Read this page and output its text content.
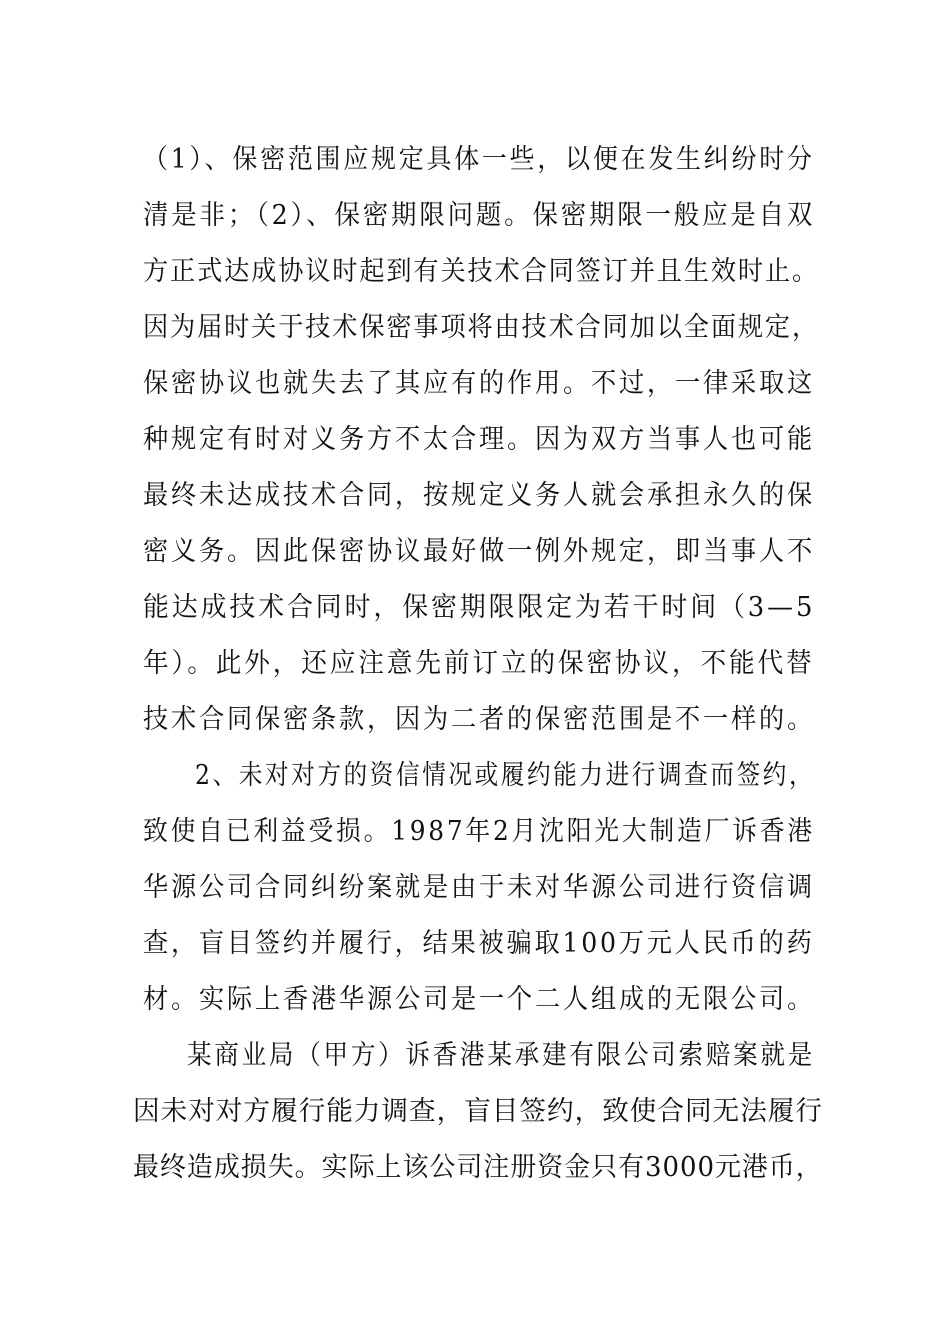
（1）、保密范围应规定具体一些，以便在发生纠纷时分
清是非；（2）、保密期限问题。保密期限一般应是自双
方正式达成协议时起到有关技术合同签订并且生效时止。
因为届时关于技术保密事项将由技术合同加以全面规定，
保密协议也就失去了其应有的作用。不过，一律采取这
种规定有时对义务方不太合理。因为双方当事人也可能
最终未达成技术合同，按规定义务人就会承担永久的保
密义务。因此保密协议最好做一例外规定，即当事人不
能达成技术合同时，保密期限限定为若干时间（3—5
年）。此外，还应注意先前订立的保密协议，不能代替
技术合同保密条款，因为二者的保密范围是不一样的。
2、未对对方的资信情况或履约能力进行调查而签约，
致使自已利益受损。1987年2月沈阳光大制造厂诉香港
华源公司合同纠纷案就是由于未对华源公司进行资信调
查，盲目签约并履行，结果被骗取100万元人民币的药
材。实际上香港华源公司是一个二人组成的无限公司。
某商业局（甲方）诉香港某承建有限公司索赔案就是
因未对对方履行能力调查，盲目签约，致使合同无法履行
最终造成损失。实际上该公司注册资金只有3000元港币，
